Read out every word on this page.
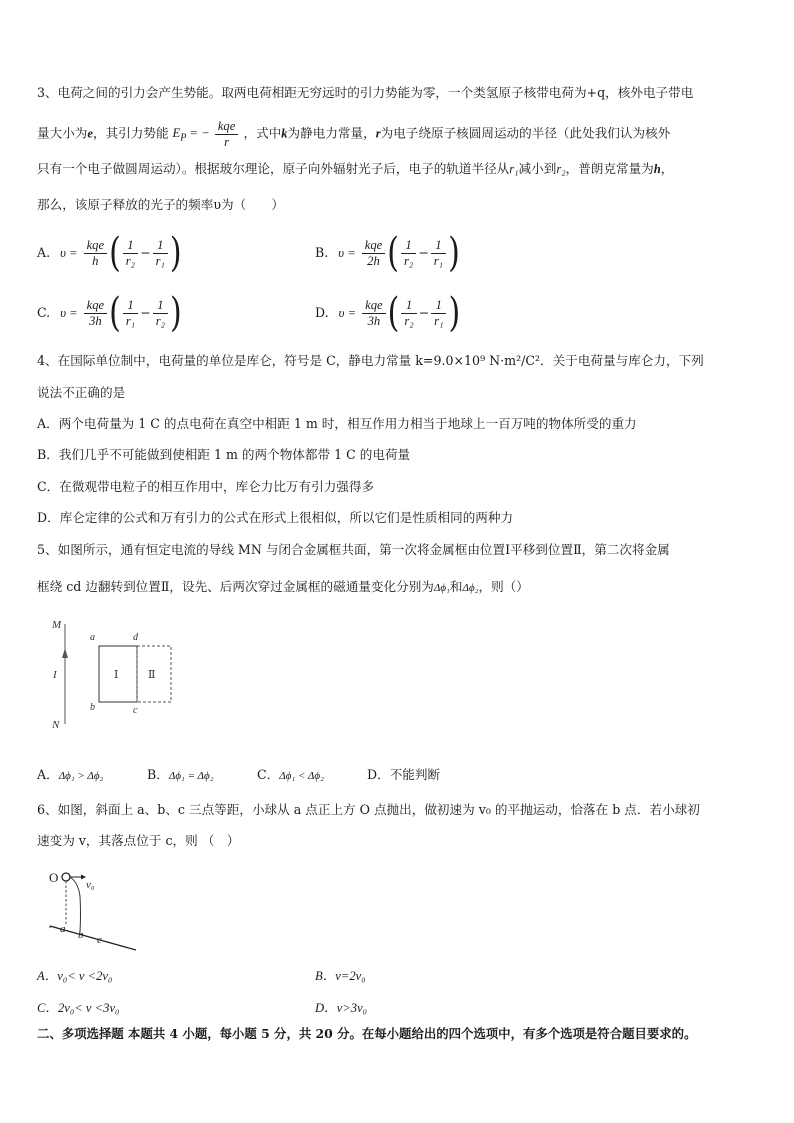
3、电荷之间的引力会产生势能。取两电荷相距无穷远时的引力势能为零，一个类氢原子核带电荷为+q，核外电子带电
量大小为e，其引力势能 $E_P$ = − $\frac{\text{kqe}}{r}$ ，式中k为静电力常量，r为电子绕原子核圆周运动的半径（此处我们认为核外
只有一个电子做圆周运动）。根据玻尔理论，原子向外辐射光子后，电子的轨道半径从r₁减小到r₂，普朗克常量为h，
那么，该原子释放的光子的频率υ为（　　）
A. $\upsilon = \frac{\text{kqe}}{h}$ ( $\frac{1}{\text{r₂}} - \frac{1}{\text{r₁}}$ )	B. $\upsilon = \frac{\text{kqe}}{2h}$ ( $\frac{1}{\text{r₂}} - \frac{1}{\text{r₁}}$ )
C. $\upsilon = \frac{\text{kqe}}{3h}$ ( $\frac{1}{\text{r₁}} - \frac{1}{\text{r₂}}$ )	D. $\upsilon = \frac{\text{kqe}}{3h}$ ( $\frac{1}{\text{r₂}} - \frac{1}{\text{r₁}}$ )
4、在国际单位制中，电荷量的单位是库仑，符号是 C，静电力常量 k=9.0×10⁹ N·m²/C²．关于电荷量与库仑力，下列
说法不正确的是
A．两个电荷量为 1 C 的点电荷在真空中相距 1 m 时，相互作用力相当于地球上一百万吨的物体所受的重力
B．我们几乎不可能做到使相距 1 m 的两个物体都带 1 C 的电荷量
C．在微观带电粒子的相互作用中，库仑力比万有引力强得多
D．库仑定律的公式和万有引力的公式在形式上很相似，所以它们是性质相同的两种力
5、如图所示，通有恒定电流的导线 MN 与闭合金属框共面，第一次将金属框由位置Ⅰ平移到位置Ⅱ，第二次将金属
框绕 cd 边翻转到位置Ⅱ，设先、后两次穿过金属框的磁通量变化分别为Δϕ₁和Δϕ₂，则（）
M
I
N
a	d
b	c
Ⅰ	Ⅱ
A．Δϕ₁ > Δϕ₂	B．Δϕ₁ = Δϕ₂	C．Δϕ₁ < Δϕ₂	D．不能判断
6、如图，斜面上 a、b、c 三点等距，小球从 a 点正上方 O 点抛出，做初速为 v₀ 的平抛运动，恰落在 b 点．若小球初
速变为 v，其落点位于 c，则 （　）
O	v₀
a b c
A．v₀< v <2v₀	B．v=2v₀
C．2v₀< v <3v₀	D．v>3v₀
二、多项选择题 本题共 4 小题，每小题 5 分，共 20 分。在每小题给出的四个选项中，有多个选项是符合题目要求的。
